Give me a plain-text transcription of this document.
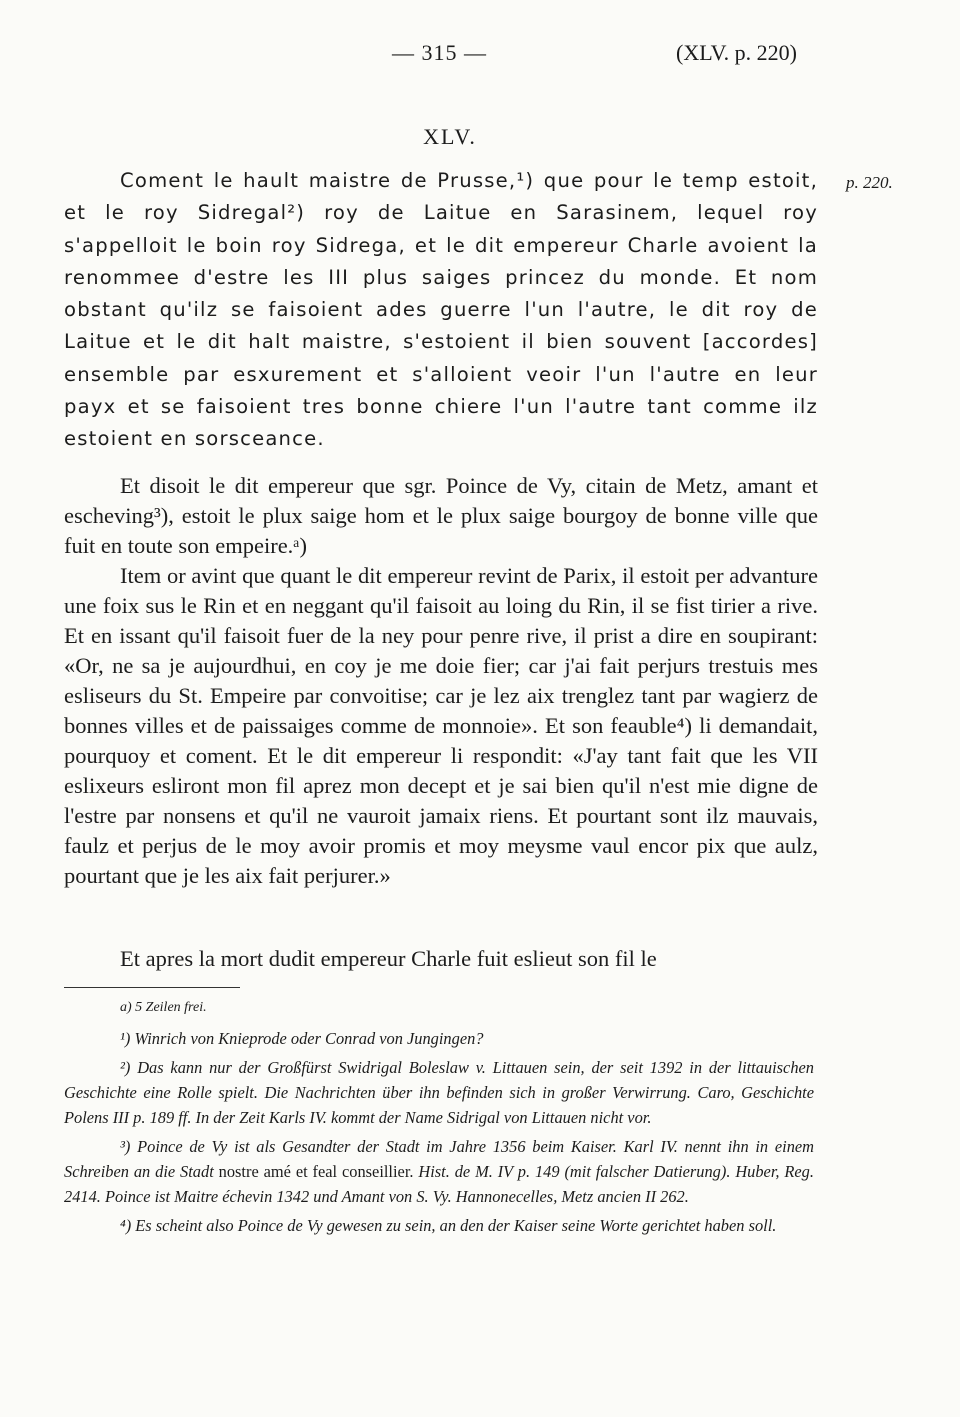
— 315 —	(XLV. p. 220)
XLV.
p. 220.
Coment le hault maistre de Prusse,¹) que pour le temp estoit, et le roy Sidregal²) roy de Laitue en Sarasinem, lequel roy s'appelloit le boin roy Sidrega, et le dit empereur Charle avoient la renommee d'estre les III plus saiges princez du monde. Et nom obstant qu'ilz se faisoient ades guerre l'un l'autre, le dit roy de Laitue et le dit halt maistre, s'estoient il bien souvent [accordes] ensemble par esxurement et s'alloient veoir l'un l'autre en leur payx et se faisoient tres bonne chiere l'un l'autre tant comme ilz estoient en sorsceance.
Et disoit le dit empereur que sgr. Poince de Vy, citain de Metz, amant et escheving³), estoit le plux saige hom et le plux saige bourgoy de bonne ville que fuit en toute son empeire.ᵃ)
Item or avint que quant le dit empereur revint de Parix, il estoit per advanture une foix sus le Rin et en neggant qu'il faisoit au loing du Rin, il se fist tirier a rive. Et en issant qu'il faisoit fuer de la ney pour penre rive, il prist a dire en soupirant: «Or, ne sa je aujourdhui, en coy je me doie fier; car j'ai fait perjurs trestuis mes esliseurs du St. Empeire par convoitise; car je lez aix trenglez tant par wagierz de bonnes villes et de paissaiges comme de monnoie». Et son feauble⁴) li demandait, pourquoy et coment. Et le dit empereur li respondit: «J'ay tant fait que les VII eslixeurs esliront mon fil aprez mon decept et je sai bien qu'il n'est mie digne de l'estre par nonsens et qu'il ne vauroit jamaix riens. Et pourtant sont ilz mauvais, faulz et perjus de le moy avoir promis et moy meysme vaul encor pix que aulz, pourtant que je les aix fait perjurer.»
Et apres la mort dudit empereur Charle fuit eslieut son fil le

a) 5 Zeilen frei.

¹) Winrich von Knieprode oder Conrad von Jungingen?

²) Das kann nur der Großfürst Swidrigal Boleslaw v. Littauen sein, der seit 1392 in der littauischen Geschichte eine Rolle spielt. Die Nachrichten über ihn befinden sich in großer Verwirrung. Caro, Geschichte Polens III p. 189 ff. In der Zeit Karls IV. kommt der Name Sidrigal von Littauen nicht vor.

³) Poince de Vy ist als Gesandter der Stadt im Jahre 1356 beim Kaiser. Karl IV. nennt ihn in einem Schreiben an die Stadt nostre amé et feal conseillier. Hist. de M. IV p. 149 (mit falscher Datierung). Huber, Reg. 2414. Poince ist Maitre échevin 1342 und Amant von S. Vy. Hannonecelles, Metz ancien II 262.

⁴) Es scheint also Poince de Vy gewesen zu sein, an den der Kaiser seine Worte gerichtet haben soll.
